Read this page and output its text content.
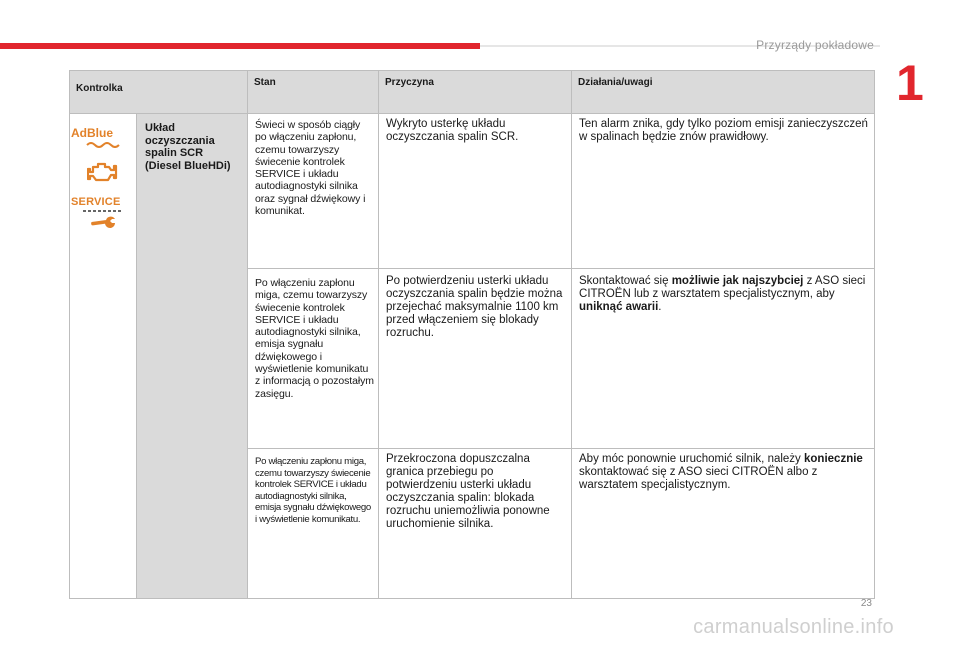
Przyrządy pokładowe
1
Kontrolka		Stan	Przyczyna	Działania/uwagi

AdBlue
SERVICE	Układ oczyszczania spalin SCR (Diesel BlueHDi)	Świeci w sposób ciągły po włączeniu zapłonu, czemu towarzyszy świecenie kontrolek SERVICE i układu autodiagnostyki silnika oraz sygnał dźwiękowy i komunikat.	Wykryto usterkę układu oczyszczania spalin SCR.	Ten alarm znika, gdy tylko poziom emisji zanieczyszczeń w spalinach będzie znów prawidłowy.
		Po włączeniu zapłonu miga, czemu towarzyszy świecenie kontrolek SERVICE i układu autodiagnostyki silnika, emisja sygnału dźwiękowego i wyświetlenie komunikatu z informacją o pozostałym zasięgu.	Po potwierdzeniu usterki układu oczyszczania spalin będzie można przejechać maksymalnie 1100 km przed włączeniem się blokady rozruchu.	Skontaktować się możliwie jak najszybciej z ASO sieci CITROËN lub z warsztatem specjalistycznym, aby uniknąć awarii.
		Po włączeniu zapłonu miga, czemu towarzyszy świecenie kontrolek SERVICE i układu autodiagnostyki silnika, emisja sygnału dźwiękowego i wyświetlenie komunikatu.	Przekroczona dopuszczalna granica przebiegu po potwierdzeniu usterki układu oczyszczania spalin: blokada rozruchu uniemożliwia ponowne uruchomienie silnika.	Aby móc ponownie uruchomić silnik, należy koniecznie skontaktować się z ASO sieci CITROËN albo z warsztatem specjalistycznym.
23
carmanualsonline.info
